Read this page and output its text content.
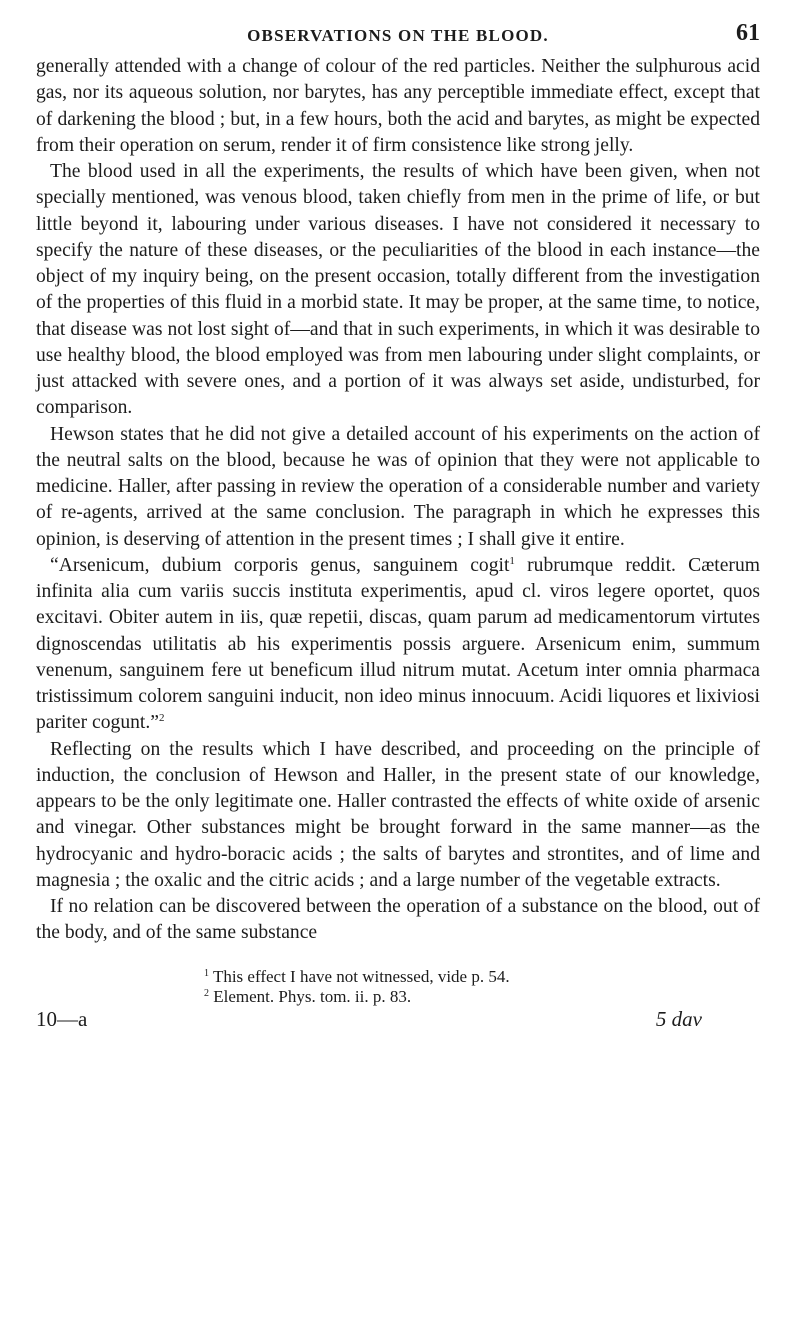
OBSERVATIONS ON THE BLOOD.	61

generally attended with a change of colour of the red particles. Neither the sulphurous acid gas, nor its aqueous solution, nor barytes, has any perceptible immediate effect, except that of darkening the blood ; but, in a few hours, both the acid and barytes, as might be expected from their operation on serum, render it of firm consistence like strong jelly.

The blood used in all the experiments, the results of which have been given, when not specially mentioned, was venous blood, taken chiefly from men in the prime of life, or but little beyond it, labouring under various diseases. I have not considered it necessary to specify the nature of these diseases, or the peculiarities of the blood in each instance—the object of my inquiry being, on the present occasion, totally different from the investigation of the properties of this fluid in a morbid state. It may be proper, at the same time, to notice, that disease was not lost sight of—and that in such experiments, in which it was desirable to use healthy blood, the blood employed was from men labouring under slight complaints, or just attacked with severe ones, and a portion of it was always set aside, undisturbed, for comparison.

Hewson states that he did not give a detailed account of his experiments on the action of the neutral salts on the blood, because he was of opinion that they were not applicable to medicine. Haller, after passing in review the operation of a considerable number and variety of re-agents, arrived at the same conclusion. The paragraph in which he expresses this opinion, is deserving of attention in the present times ; I shall give it entire.

“Arsenicum, dubium corporis genus, sanguinem cogit$^1$ rubrumque reddit. Cæterum infinita alia cum variis succis instituta experimentis, apud cl. viros legere oportet, quos excitavi. Obiter autem in iis, quæ repetii, discas, quam parum ad medicamentorum virtutes dignoscendas utilitatis ab his experimentis possis arguere. Arsenicum enim, summum venenum, sanguinem fere ut beneficum illud nitrum mutat. Acetum inter omnia pharmaca tristissimum colorem sanguini inducit, non ideo minus innocuum. Acidi liquores et lixiviosi pariter cogunt.”$^2$

Reflecting on the results which I have described, and proceeding on the principle of induction, the conclusion of Hewson and Haller, in the present state of our knowledge, appears to be the only legitimate one. Haller contrasted the effects of white oxide of arsenic and vinegar. Other substances might be brought forward in the same manner—as the hydrocyanic and hydro-boracic acids ; the salts of barytes and strontites, and of lime and magnesia ; the oxalic and the citric acids ; and a large number of the vegetable extracts.

If no relation can be discovered between the operation of a substance on the blood, out of the body, and of the same substance

$^1$ This effect I have not witnessed, vide p. 54.
$^2$ Element. Phys. tom. ii. p. 83.
10—a	5 dav
